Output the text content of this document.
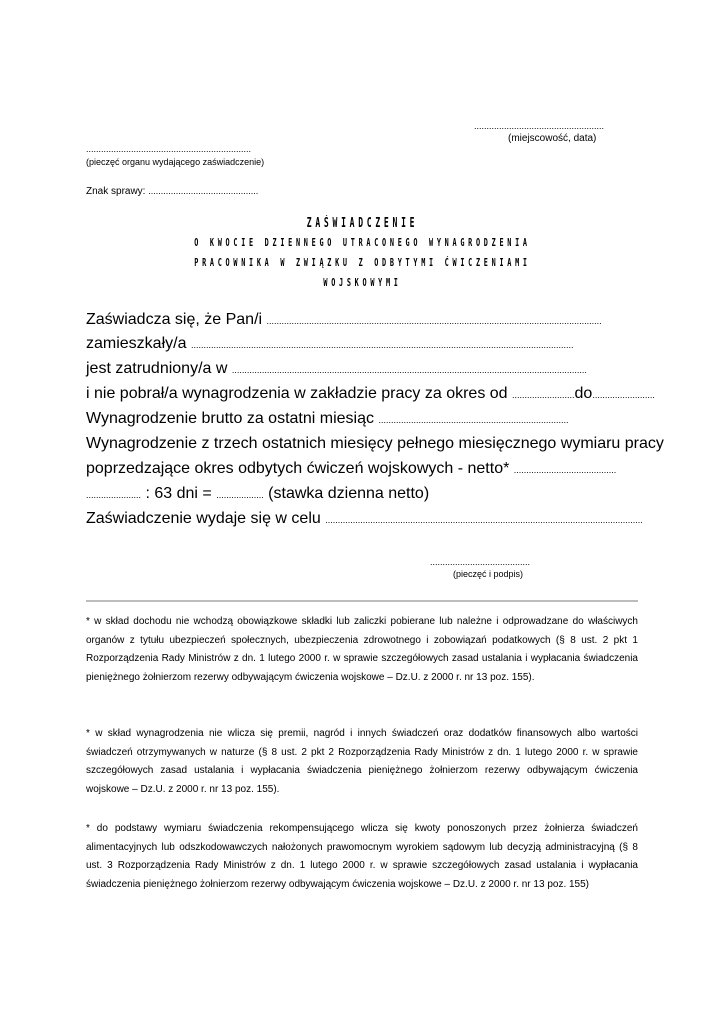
....................................................
(miejscowość, data)
..................................................................
(pieczęć organu wydającego zaświadczenie)
Znak sprawy: ............................................
ZAŚWIADCZENIE
O KWOCIE DZIENNEGO UTRACONEGO WYNAGRODZENIA
PRACOWNIKA W ZWIĄZKU Z ODBYTYMI ĆWICZENIAMI
WOJSKOWYMI
Zaświadcza się, że Pan/i ......................................................................................................................................
zamieszkały/a .........................................................................................................................................................
jest zatrudniony/a w ..............................................................................................................................................
i nie pobrał/a wynagrodzenia w zakładzie pracy za okres od .........................do.........................
Wynagrodzenie brutto za ostatni miesiąc ............................................................................
Wynagrodzenie z trzech ostatnich miesięcy pełnego miesięcznego wymiaru pracy
poprzedzające okres odbytych ćwiczeń wojskowych - netto* .........................................
...................... : 63 dni = ................... (stawka dzienna netto)
Zaświadczenie wydaje się w celu ...............................................................................................................................
........................................
(pieczęć i podpis)
* w skład dochodu nie wchodzą obowiązkowe składki lub zaliczki pobierane lub należne i odprowadzane do właściwych organów z tytułu ubezpieczeń społecznych, ubezpieczenia zdrowotnego i zobowiązań podatkowych (§ 8 ust. 2 pkt 1 Rozporządzenia Rady Ministrów z dn. 1 lutego 2000 r. w sprawie szczegółowych zasad ustalania i wypłacania świadczenia pieniężnego żołnierzom rezerwy odbywającym ćwiczenia wojskowe – Dz.U. z 2000 r. nr 13 poz. 155).
* w skład wynagrodzenia nie wlicza się premii, nagród i innych świadczeń oraz dodatków finansowych albo wartości świadczeń otrzymywanych w naturze (§ 8 ust. 2 pkt 2 Rozporządzenia Rady Ministrów z dn. 1 lutego 2000 r. w sprawie szczegółowych zasad ustalania i wypłacania świadczenia pieniężnego żołnierzom rezerwy odbywającym ćwiczenia wojskowe – Dz.U. z 2000 r. nr 13 poz. 155).
* do podstawy wymiaru świadczenia rekompensującego wlicza się kwoty ponoszonych przez żołnierza świadczeń alimentacyjnych lub odszkodowawczych nałożonych prawomocnym wyrokiem sądowym lub decyzją administracyjną (§ 8 ust. 3 Rozporządzenia Rady Ministrów z dn. 1 lutego 2000 r. w sprawie szczegółowych zasad ustalania i wypłacania świadczenia pieniężnego żołnierzom rezerwy odbywającym ćwiczenia wojskowe – Dz.U. z 2000 r. nr 13 poz. 155)
